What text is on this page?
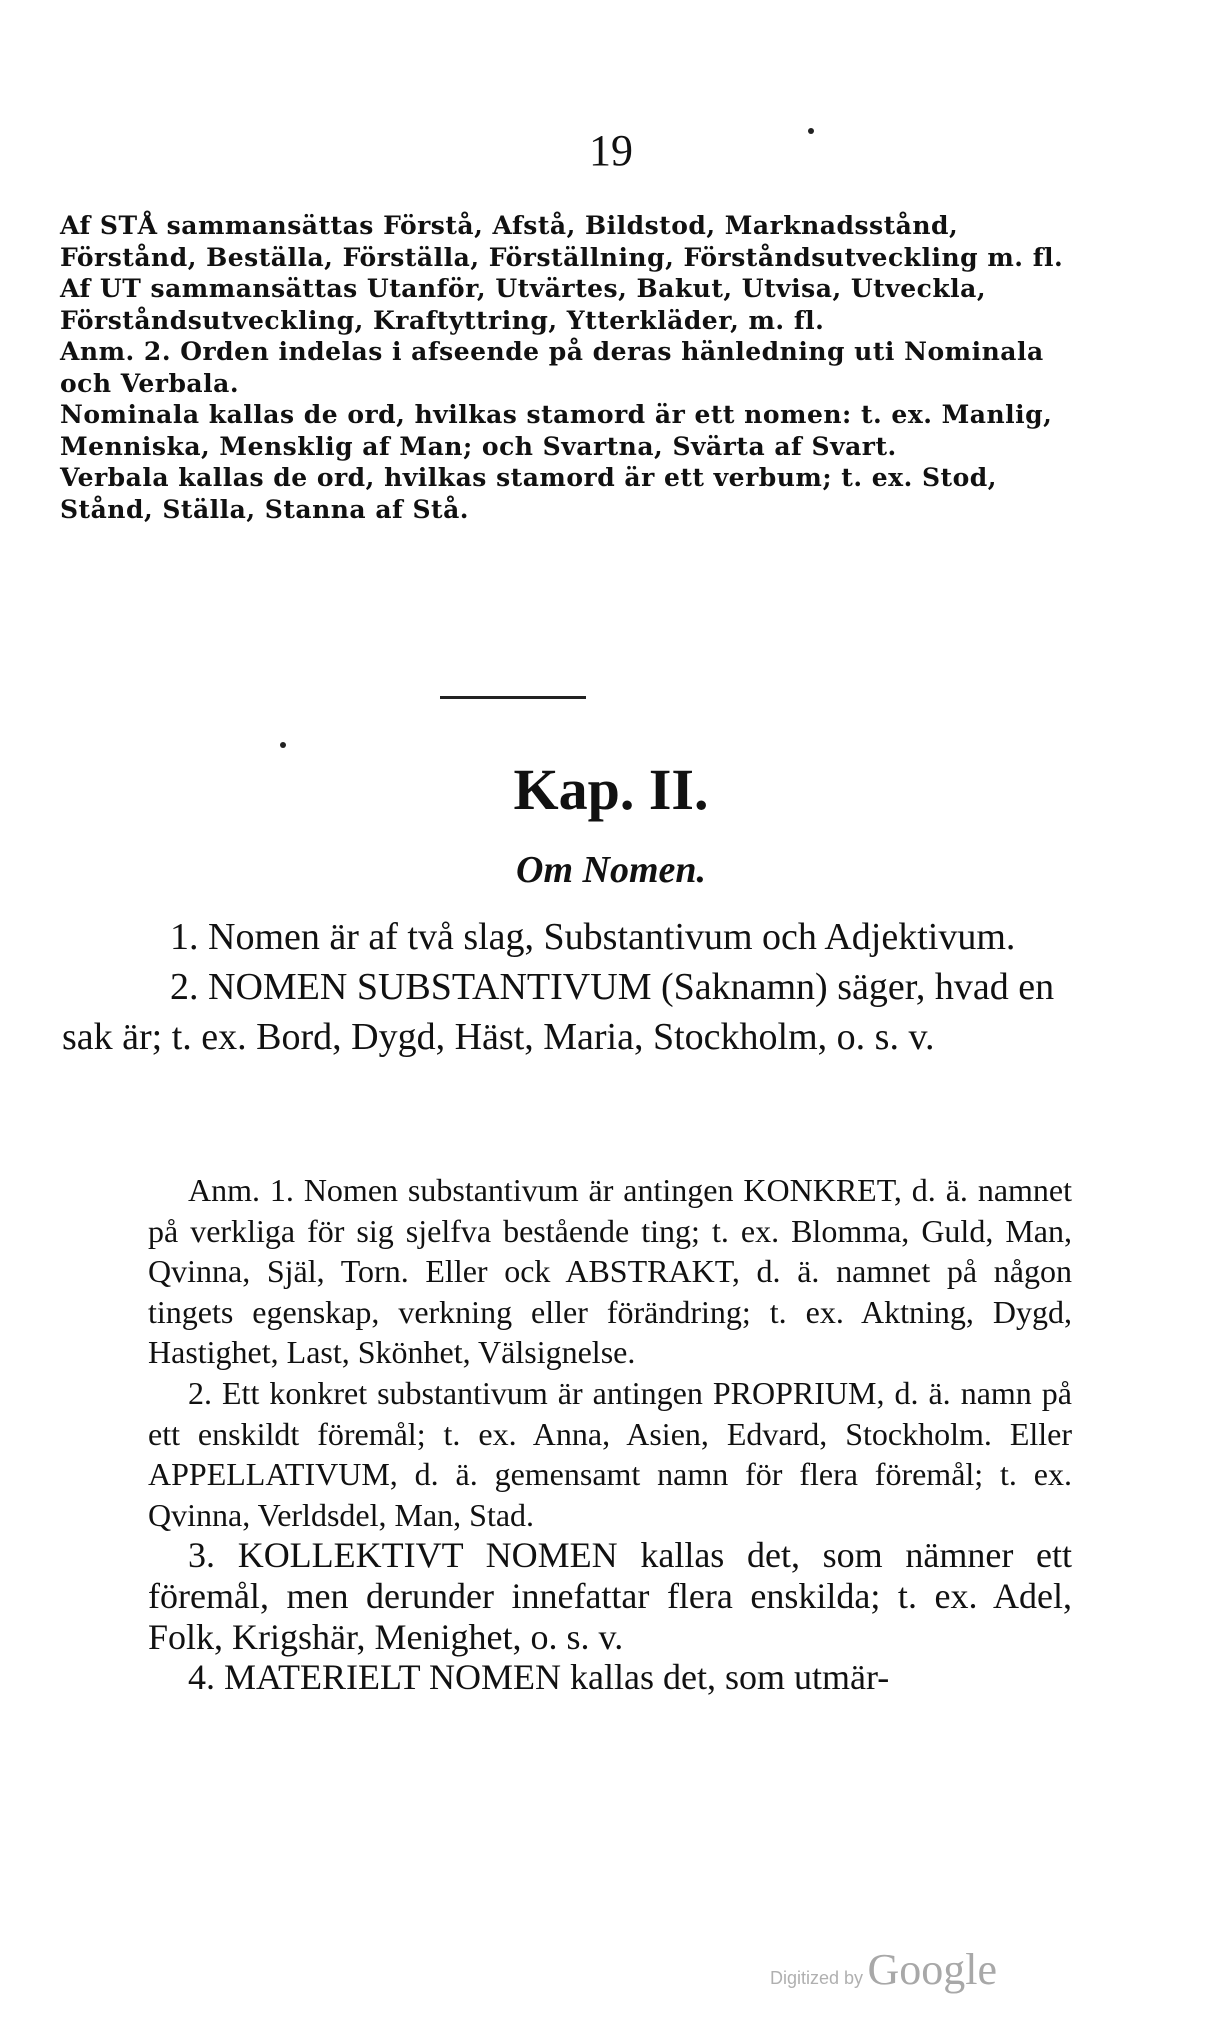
19

Af STÅ sammansättas Förstå, Afstå, Bildstod, Marknadsstånd, Förstånd, Beställa, Förställa, Förställning, Förståndsutveckling m. fl.

Af UT sammansättas Utanför, Utvärtes, Bakut, Utvisa, Utveckla, Förståndsutveckling, Kraftyttring, Ytterkläder, m. fl.

Anm. 2. Orden indelas i afseende på deras hänledning uti Nominala och Verbala.

Nominala kallas de ord, hvilkas stamord är ett nomen: t. ex. Manlig, Menniska, Mensklig af Man; och Svartna, Svärta af Svart.

Verbala kallas de ord, hvilkas stamord är ett verbum; t. ex. Stod, Stånd, Ställa, Stanna af Stå.

Kap. II.
Om Nomen.

1. Nomen är af två slag, Substantivum och Adjektivum.

2. NOMEN SUBSTANTIVUM (Saknamn) säger, hvad en sak är; t. ex. Bord, Dygd, Häst, Maria, Stockholm, o. s. v.

Anm. 1. Nomen substantivum är antingen KONKRET, d. ä. namnet på verkliga för sig sjelfva bestående ting; t. ex. Blomma, Guld, Man, Qvinna, Själ, Torn. Eller ock ABSTRAKT, d. ä. namnet på någon tingets egenskap, verkning eller förändring; t. ex. Aktning, Dygd, Hastighet, Last, Skönhet, Välsignelse.

2. Ett konkret substantivum är antingen PROPRIUM, d. ä. namn på ett enskildt föremål; t. ex. Anna, Asien, Edvard, Stockholm. Eller APPELLATIVUM, d. ä. gemensamt namn för flera föremål; t. ex. Qvinna, Verldsdel, Man, Stad.

3. KOLLEKTIVT NOMEN kallas det, som nämner ett föremål, men derunder innefattar flera enskilda; t. ex. Adel, Folk, Krigshär, Menighet, o. s. v.

4. MATERIELT NOMEN kallas det, som utmär-

Digitized by Google
